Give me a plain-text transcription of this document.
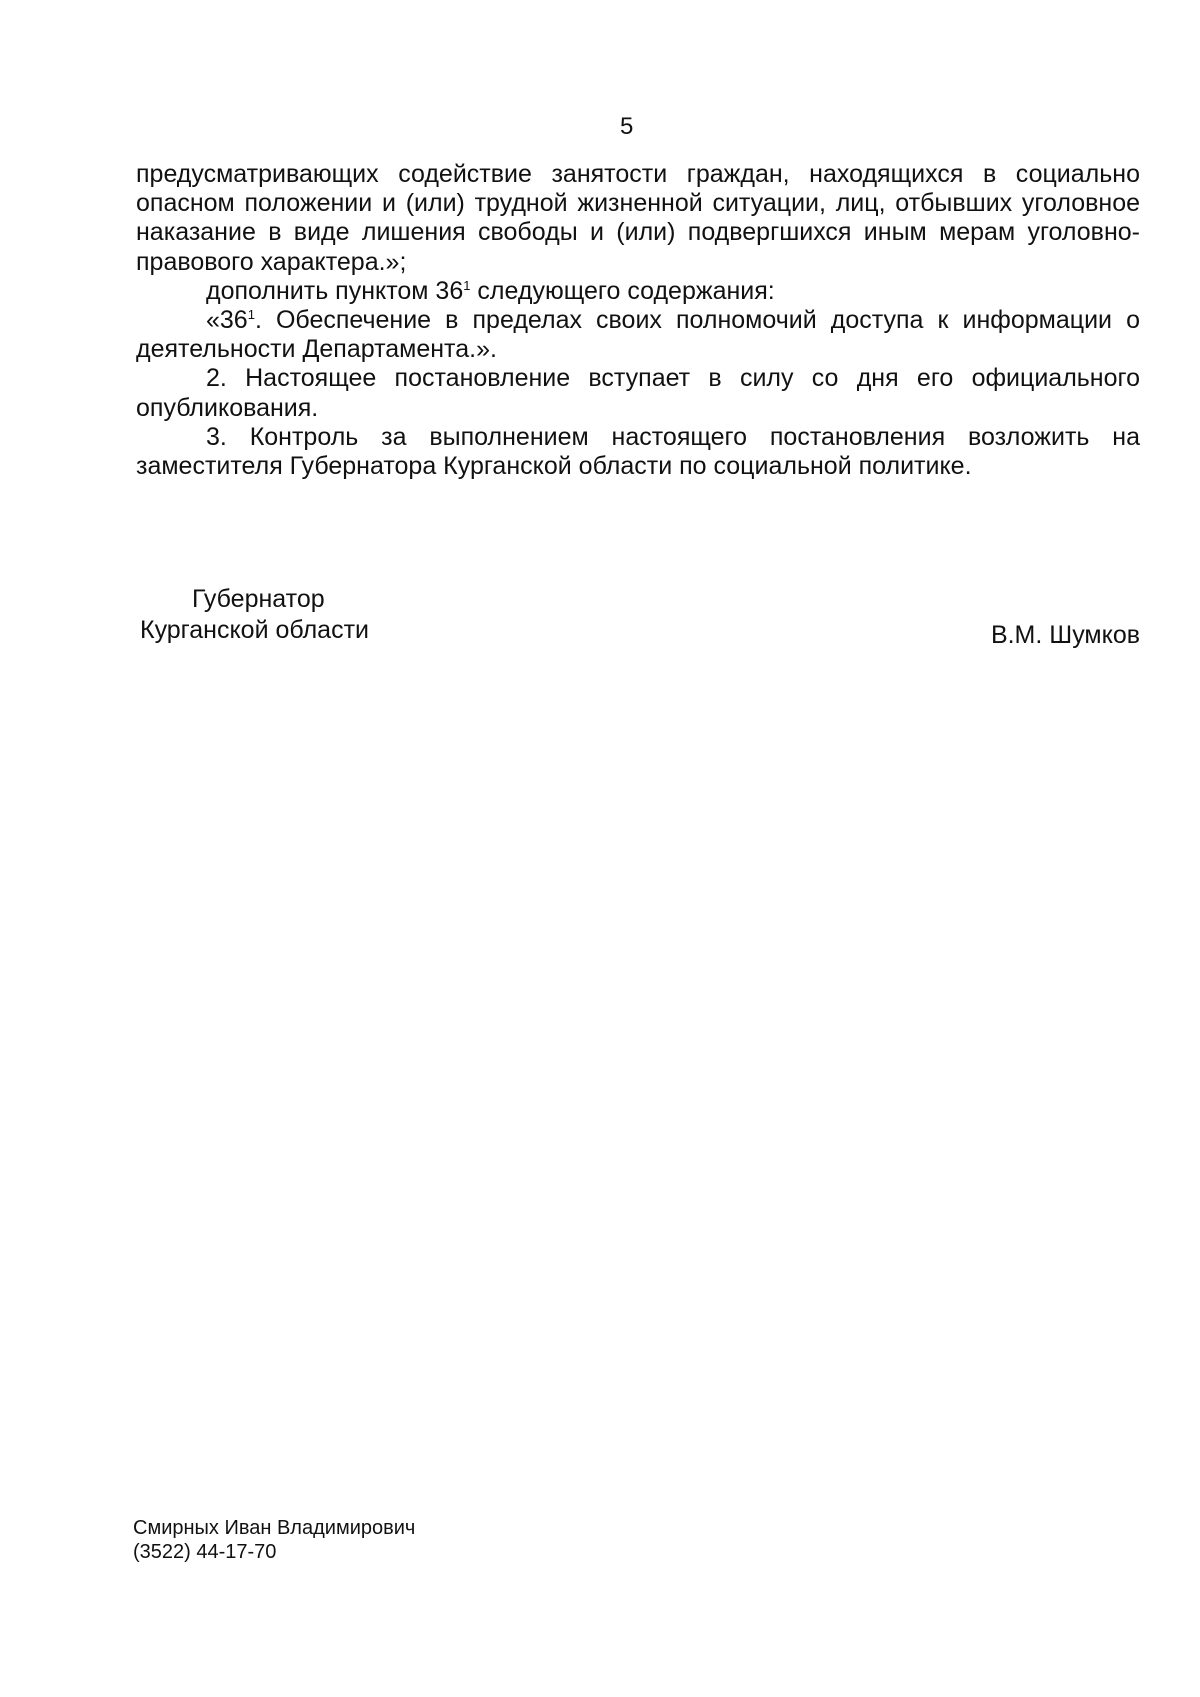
5

предусматривающих содействие занятости граждан, находящихся в социально опасном положении и (или) трудной жизненной ситуации, лиц, отбывших уголовное наказание в виде лишения свободы и (или) подвергшихся иным мерам уголовно-правового характера.»;

дополнить пунктом $36^1$ следующего содержания:

«$36^1$. Обеспечение в пределах своих полномочий доступа к информации о деятельности Департамента.».

2. Настоящее постановление вступает в силу со дня его официального опубликования.

3. Контроль за выполнением настоящего постановления возложить на заместителя Губернатора Курганской области по социальной политике.

Губернатор
Курганской области	В.М. Шумков
Смирных Иван Владимирович
(3522) 44-17-70
